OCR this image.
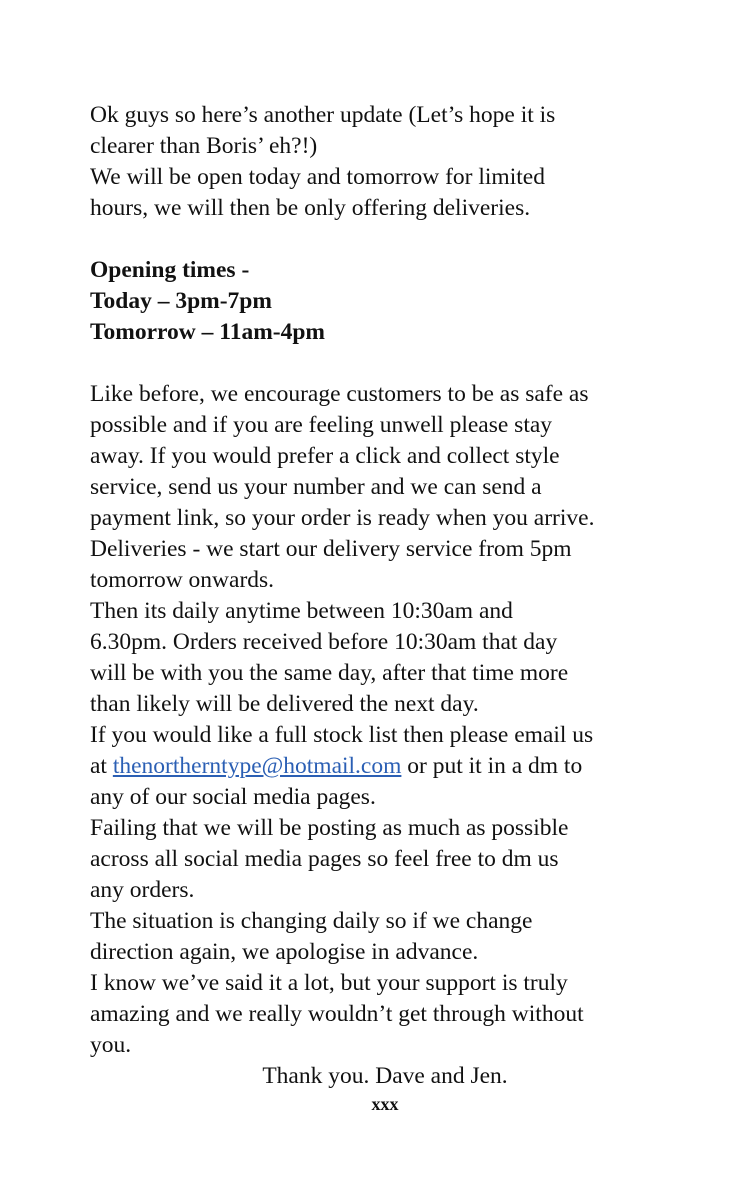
Ok guys so here’s another update (Let’s hope it is
clearer than Boris’ eh?!)
We will be open today and tomorrow for limited
hours, we will then be only offering deliveries.
Opening times -
Today – 3pm-7pm
Tomorrow – 11am-4pm
Like before, we encourage customers to be as safe as
possible and if you are feeling unwell please stay
away. If you would prefer a click and collect style
service, send us your number and we can send a
payment link, so your order is ready when you arrive.
Deliveries - we start our delivery service from 5pm
tomorrow onwards.
Then its daily anytime between 10:30am and
6.30pm. Orders received before 10:30am that day
will be with you the same day, after that time more
than likely will be delivered the next day.
If you would like a full stock list then please email us
at thenortherntype@hotmail.com or put it in a dm to
any of our social media pages.
Failing that we will be posting as much as possible
across all social media pages so feel free to dm us
any orders.
The situation is changing daily so if we change
direction again, we apologise in advance.
I know we’ve said it a lot, but your support is truly
amazing and we really wouldn’t get through without
you.
Thank you. Dave and Jen.
xxx
